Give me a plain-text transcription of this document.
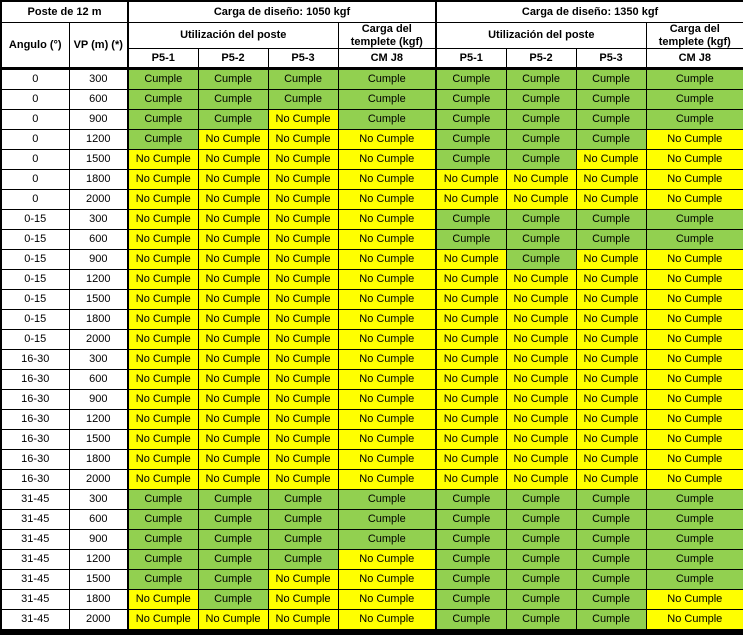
Poste de 12 m		Carga de diseño: 1050 kgf				Carga de diseño: 1350 kgf			
Angulo (°)	VP (m) (*)	Utilización del poste			Carga del templete (kgf)	Utilización del poste			Carga del templete (kgf)
		P5-1	P5-2	P5-3	CM J8	P5-1	P5-2	P5-3	CM J8
0	300	Cumple	Cumple	Cumple	Cumple	Cumple	Cumple	Cumple	Cumple
0	600	Cumple	Cumple	Cumple	Cumple	Cumple	Cumple	Cumple	Cumple
0	900	Cumple	Cumple	No Cumple	Cumple	Cumple	Cumple	Cumple	Cumple
0	1200	Cumple	No Cumple	No Cumple	No Cumple	Cumple	Cumple	Cumple	No Cumple
0	1500	No Cumple	No Cumple	No Cumple	No Cumple	Cumple	Cumple	No Cumple	No Cumple
0	1800	No Cumple	No Cumple	No Cumple	No Cumple	No Cumple	No Cumple	No Cumple	No Cumple
0	2000	No Cumple	No Cumple	No Cumple	No Cumple	No Cumple	No Cumple	No Cumple	No Cumple
0-15	300	No Cumple	No Cumple	No Cumple	No Cumple	Cumple	Cumple	Cumple	Cumple
0-15	600	No Cumple	No Cumple	No Cumple	No Cumple	Cumple	Cumple	Cumple	Cumple
0-15	900	No Cumple	No Cumple	No Cumple	No Cumple	No Cumple	Cumple	No Cumple	No Cumple
0-15	1200	No Cumple	No Cumple	No Cumple	No Cumple	No Cumple	No Cumple	No Cumple	No Cumple
0-15	1500	No Cumple	No Cumple	No Cumple	No Cumple	No Cumple	No Cumple	No Cumple	No Cumple
0-15	1800	No Cumple	No Cumple	No Cumple	No Cumple	No Cumple	No Cumple	No Cumple	No Cumple
0-15	2000	No Cumple	No Cumple	No Cumple	No Cumple	No Cumple	No Cumple	No Cumple	No Cumple
16-30	300	No Cumple	No Cumple	No Cumple	No Cumple	No Cumple	No Cumple	No Cumple	No Cumple
16-30	600	No Cumple	No Cumple	No Cumple	No Cumple	No Cumple	No Cumple	No Cumple	No Cumple
16-30	900	No Cumple	No Cumple	No Cumple	No Cumple	No Cumple	No Cumple	No Cumple	No Cumple
16-30	1200	No Cumple	No Cumple	No Cumple	No Cumple	No Cumple	No Cumple	No Cumple	No Cumple
16-30	1500	No Cumple	No Cumple	No Cumple	No Cumple	No Cumple	No Cumple	No Cumple	No Cumple
16-30	1800	No Cumple	No Cumple	No Cumple	No Cumple	No Cumple	No Cumple	No Cumple	No Cumple
16-30	2000	No Cumple	No Cumple	No Cumple	No Cumple	No Cumple	No Cumple	No Cumple	No Cumple
31-45	300	Cumple	Cumple	Cumple	Cumple	Cumple	Cumple	Cumple	Cumple
31-45	600	Cumple	Cumple	Cumple	Cumple	Cumple	Cumple	Cumple	Cumple
31-45	900	Cumple	Cumple	Cumple	Cumple	Cumple	Cumple	Cumple	Cumple
31-45	1200	Cumple	Cumple	Cumple	No Cumple	Cumple	Cumple	Cumple	Cumple
31-45	1500	Cumple	Cumple	No Cumple	No Cumple	Cumple	Cumple	Cumple	Cumple
31-45	1800	No Cumple	Cumple	No Cumple	No Cumple	Cumple	Cumple	Cumple	No Cumple
31-45	2000	No Cumple	No Cumple	No Cumple	No Cumple	Cumple	Cumple	Cumple	No Cumple
